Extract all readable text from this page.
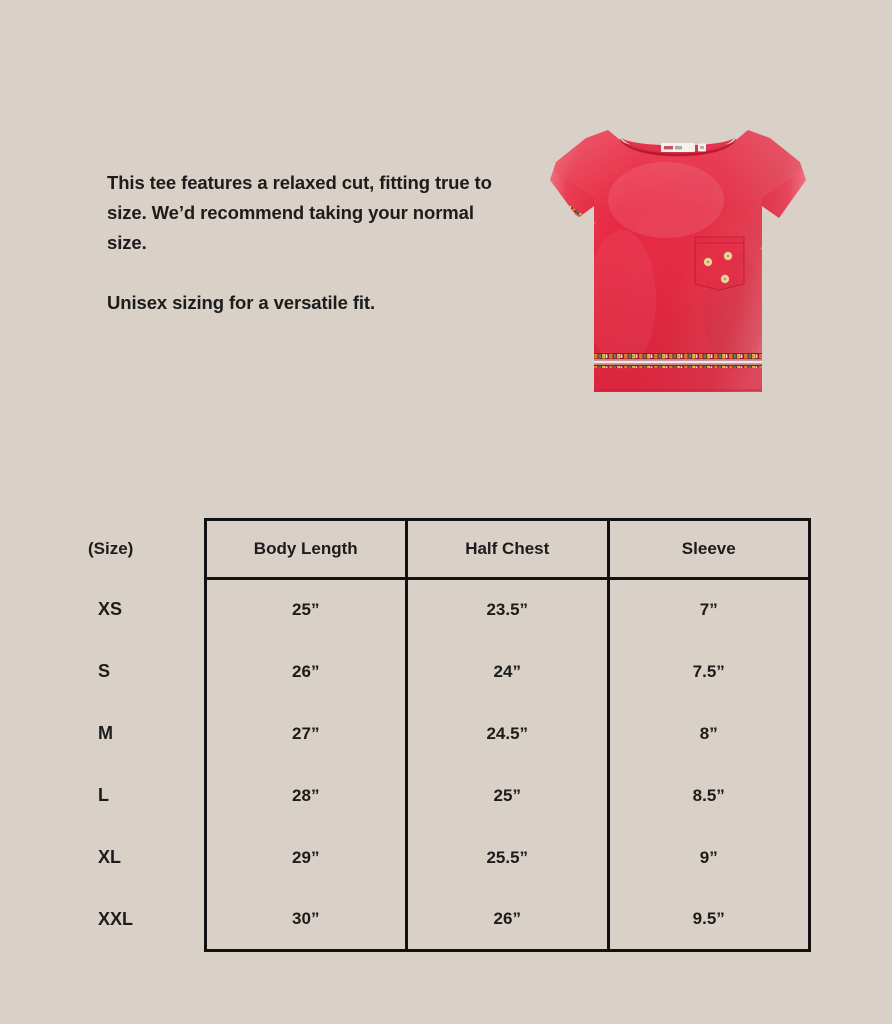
This tee features a relaxed cut, fitting true to size. We’d recommend taking your normal size.

Unisex sizing for a versatile fit.

(Size)	Body Length	Half Chest	Sleeve
XS	25”	23.5”	7”
S	26”	24”	7.5”
M	27”	24.5”	8”
L	28”	25”	8.5”
XL	29”	25.5”	9”
XXL	30”	26”	9.5”
